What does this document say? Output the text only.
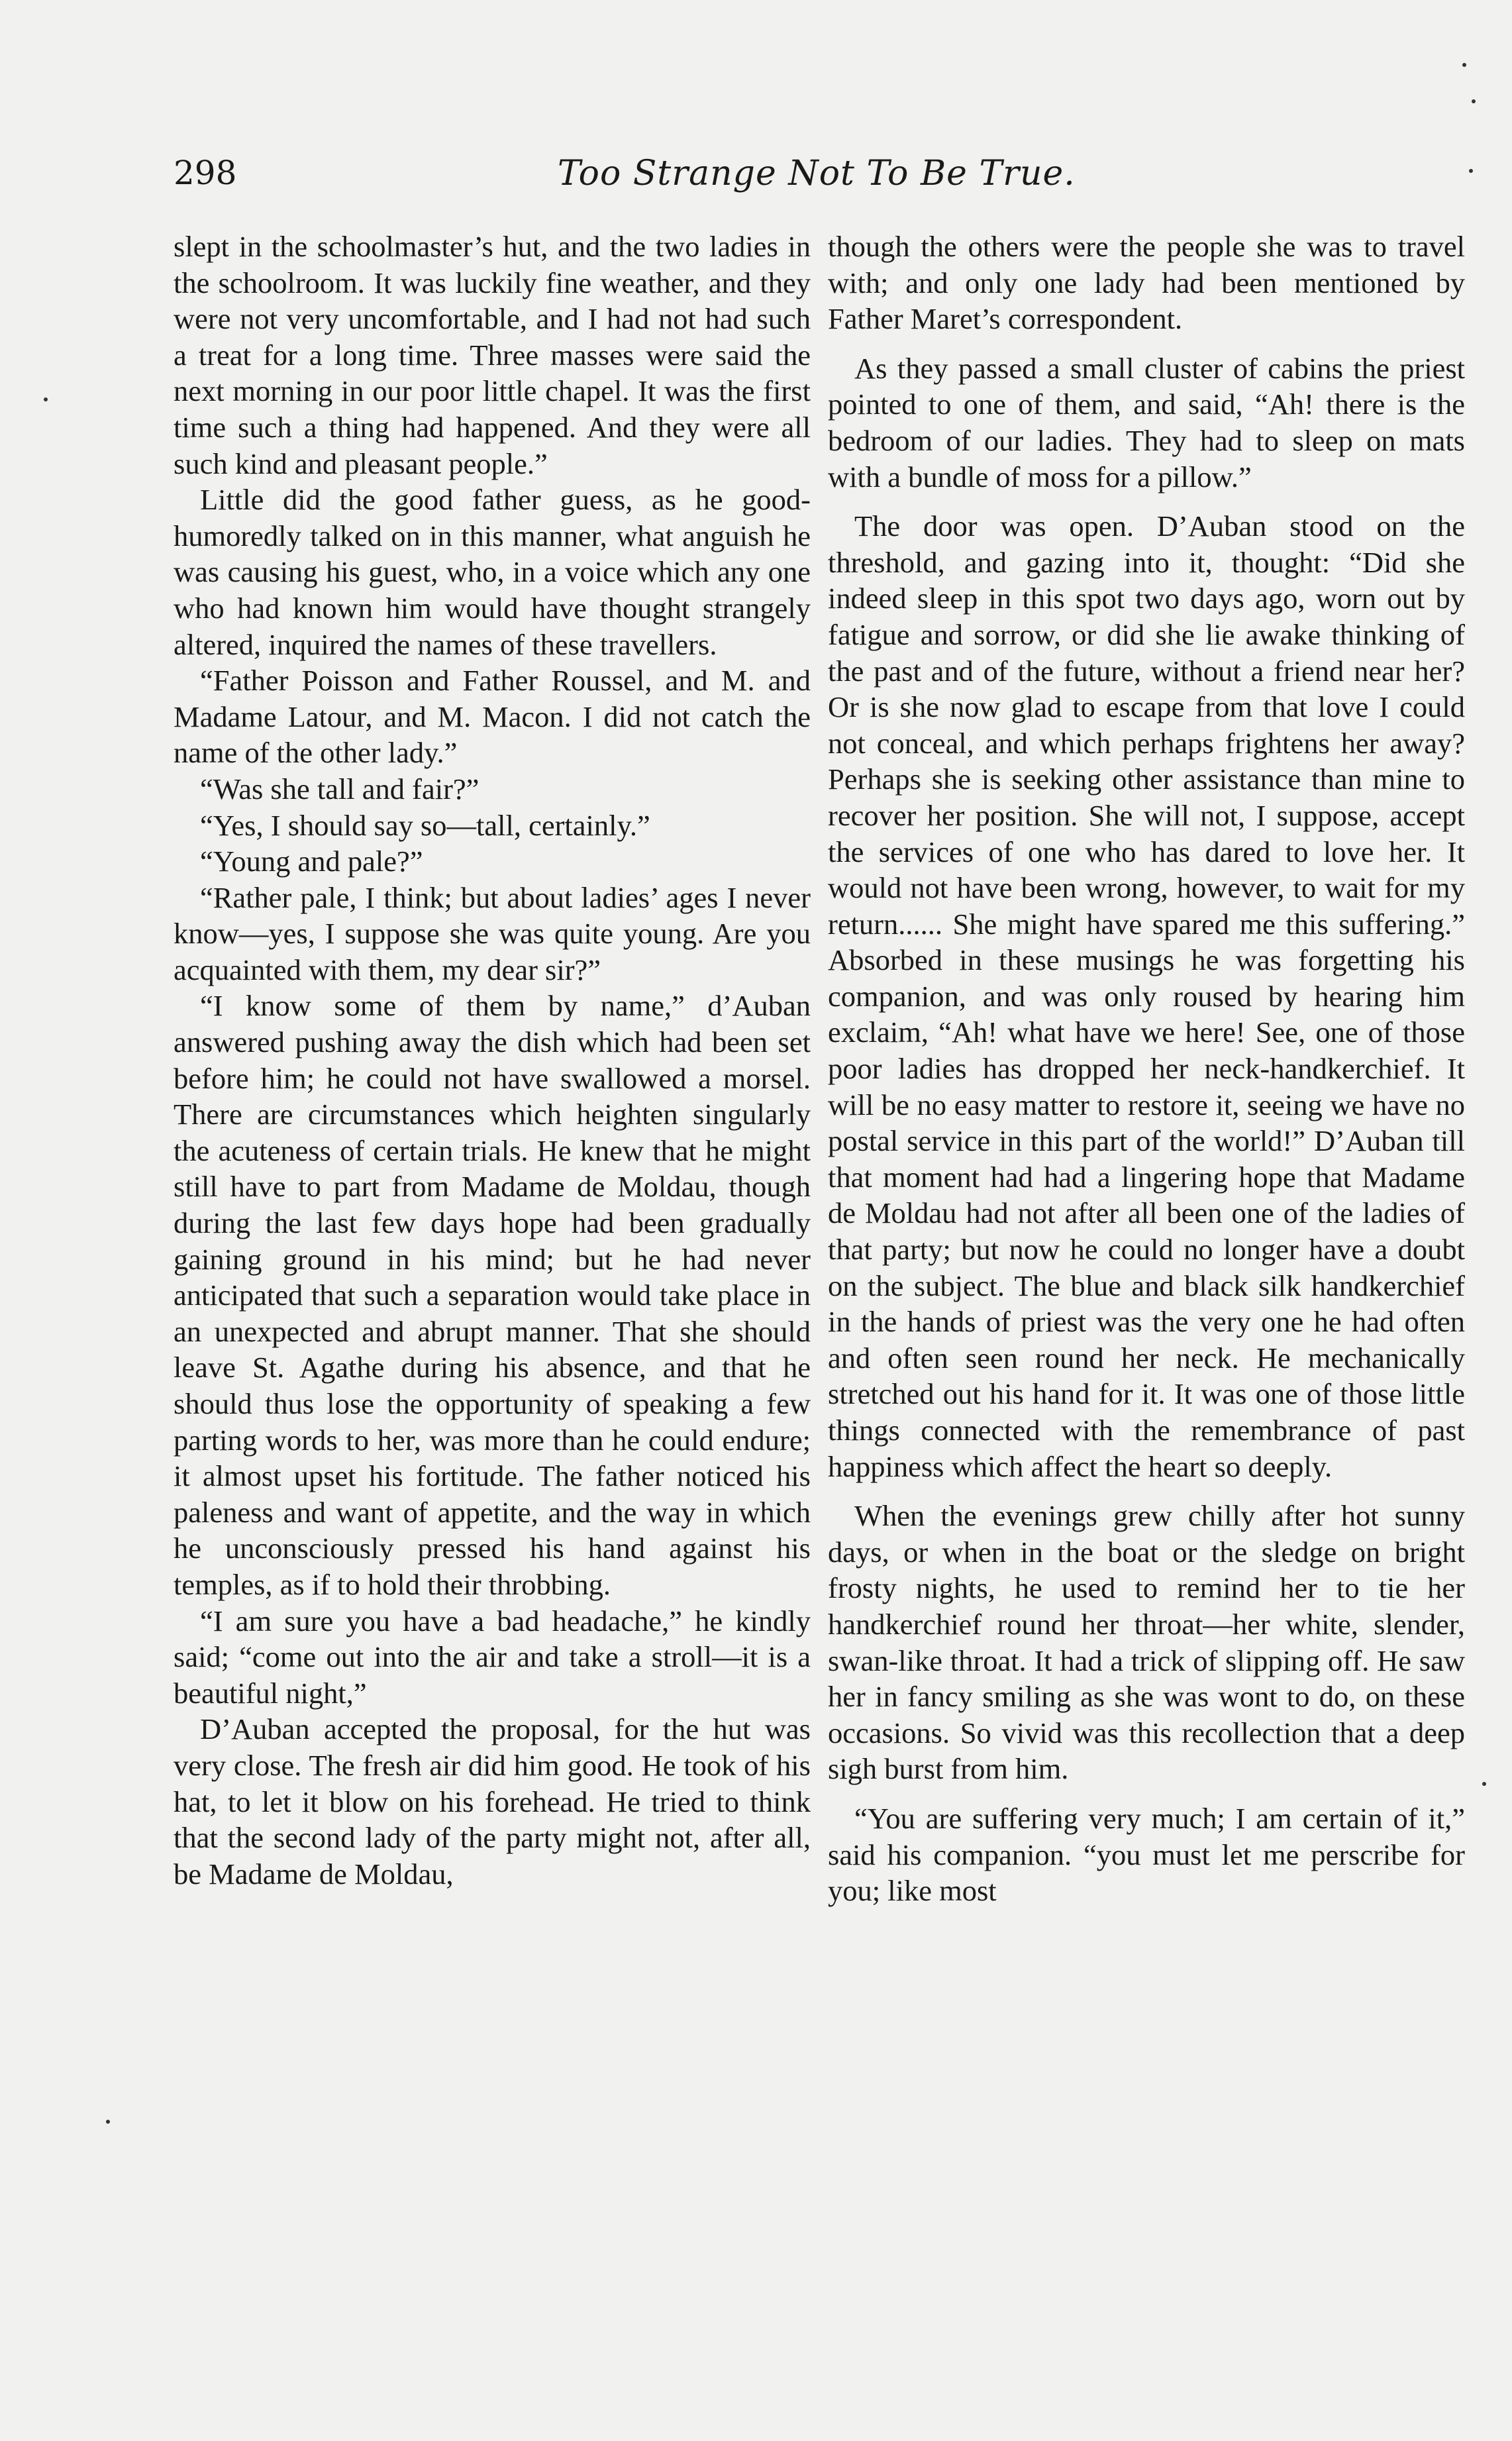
298	Too Strange Not To Be True.

slept in the schoolmaster’s hut, and the two ladies in the schoolroom. It was luckily fine weather, and they were not very uncomfortable, and I had not had such a treat for a long time. Three masses were said the next morning in our poor little chapel. It was the first time such a thing had happened. And they were all such kind and pleasant people.”

Little did the good father guess, as he good-humoredly talked on in this manner, what anguish he was causing his guest, who, in a voice which any one who had known him would have thought strangely altered, inquired the names of these travellers.

“Father Poisson and Father Roussel, and M. and Madame Latour, and M. Macon. I did not catch the name of the other lady.”

“Was she tall and fair?”

“Yes, I should say so—tall, certainly.”

“Young and pale?”

“Rather pale, I think; but about ladies’ ages I never know—yes, I suppose she was quite young. Are you acquainted with them, my dear sir?”

“I know some of them by name,” d’Auban answered pushing away the dish which had been set before him; he could not have swallowed a morsel. There are circumstances which heighten singularly the acuteness of certain trials. He knew that he might still have to part from Madame de Moldau, though during the last few days hope had been gradually gaining ground in his mind; but he had never anticipated that such a separation would take place in an unexpected and abrupt manner. That she should leave St. Agathe during his absence, and that he should thus lose the opportunity of speaking a few parting words to her, was more than he could endure; it almost upset his fortitude. The father noticed his paleness and want of appetite, and the way in which he unconsciously pressed his hand against his temples, as if to hold their throbbing.

“I am sure you have a bad headache,” he kindly said; “come out into the air and take a stroll—it is a beautiful night,”

D’Auban accepted the proposal, for the hut was very close. The fresh air did him good. He took of his hat, to let it blow on his forehead. He tried to think that the second lady of the party might not, after all, be Madame de Moldau,

though the others were the people she was to travel with; and only one lady had been mentioned by Father Maret’s correspondent.

As they passed a small cluster of cabins the priest pointed to one of them, and said, “Ah! there is the bedroom of our ladies. They had to sleep on mats with a bundle of moss for a pillow.”

The door was open. D’Auban stood on the threshold, and gazing into it, thought: “Did she indeed sleep in this spot two days ago, worn out by fatigue and sorrow, or did she lie awake thinking of the past and of the future, without a friend near her? Or is she now glad to escape from that love I could not conceal, and which perhaps frightens her away? Perhaps she is seeking other assistance than mine to recover her position. She will not, I suppose, accept the services of one who has dared to love her. It would not have been wrong, however, to wait for my return...... She might have spared me this suffering.” Absorbed in these musings he was forgetting his companion, and was only roused by hearing him exclaim, “Ah! what have we here! See, one of those poor ladies has dropped her neck-handkerchief. It will be no easy matter to restore it, seeing we have no postal service in this part of the world!” D’Auban till that moment had had a lingering hope that Madame de Moldau had not after all been one of the ladies of that party; but now he could no longer have a doubt on the subject. The blue and black silk handkerchief in the hands of priest was the very one he had often and often seen round her neck. He mechanically stretched out his hand for it. It was one of those little things connected with the remembrance of past happiness which affect the heart so deeply.

When the evenings grew chilly after hot sunny days, or when in the boat or the sledge on bright frosty nights, he used to remind her to tie her handkerchief round her throat—her white, slender, swan-like throat. It had a trick of slipping off. He saw her in fancy smiling as she was wont to do, on these occasions. So vivid was this recollection that a deep sigh burst from him.

“You are suffering very much; I am certain of it,” said his companion. “you must let me perscribe for you; like most
